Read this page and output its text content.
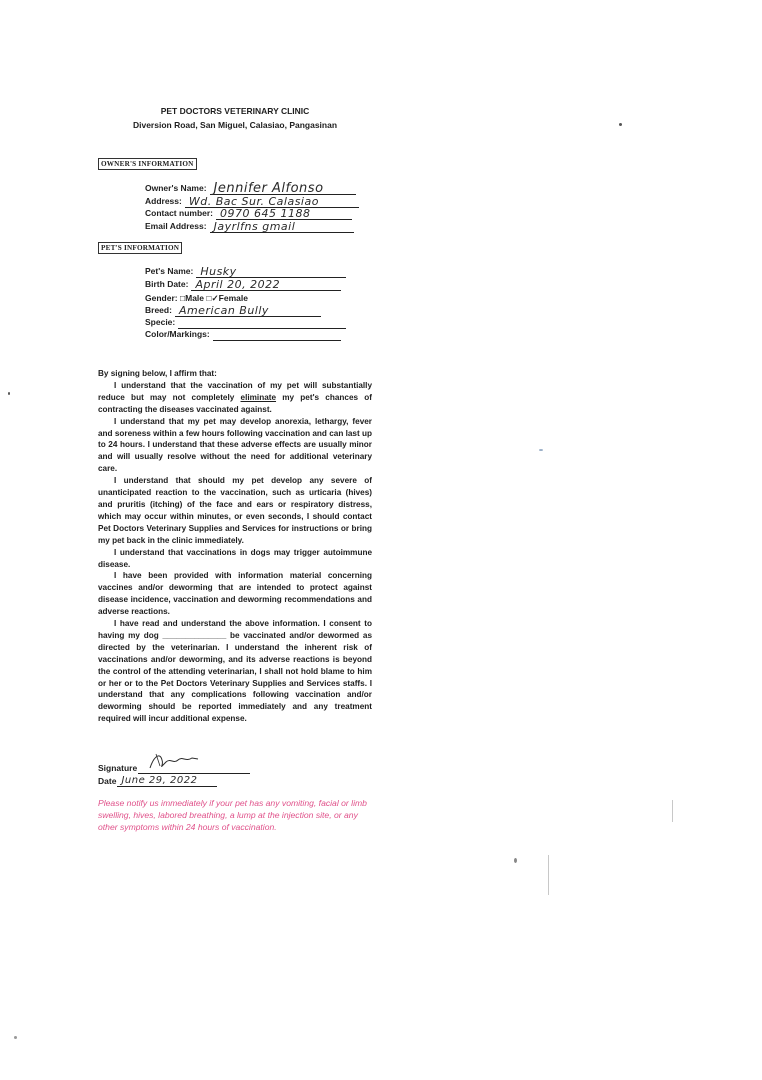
PET DOCTORS VETERINARY CLINIC
Diversion Road, San Miguel, Calasiao, Pangasinan
OWNER'S INFORMATION
Owner's Name: Jennifer Alfonso
Address: Wd. Bac Sur. Calasiao
Contact number: 0970 645 1188
Email Address: Jayrlfns gmail
PET'S INFORMATION
Pet's Name: Husky
Birth Date: April 20, 2022
Gender: □Male □✓Female
Breed: American Bully
Specie:
Color/Markings:

By signing below, I affirm that:

I understand that the vaccination of my pet will substantially reduce but may not completely eliminate my pet's chances of contracting the diseases vaccinated against.

I understand that my pet may develop anorexia, lethargy, fever and soreness within a few hours following vaccination and can last up to 24 hours. I understand that these adverse effects are usually minor and will usually resolve without the need for additional veterinary care.

I understand that should my pet develop any severe of unanticipated reaction to the vaccination, such as urticaria (hives) and pruritis (itching) of the face and ears or respiratory distress, which may occur within minutes, or even seconds, I should contact Pet Doctors Veterinary Supplies and Services for instructions or bring my pet back in the clinic immediately.

I understand that vaccinations in dogs may trigger autoimmune disease.

I have been provided with information material concerning vaccines and/or deworming that are intended to protect against disease incidence, vaccination and deworming recommendations and adverse reactions.

I have read and understand the above information. I consent to having my dog ______________ be vaccinated and/or dewormed as directed by the veterinarian. I understand the inherent risk of vaccinations and/or deworming, and its adverse reactions is beyond the control of the attending veterinarian, I shall not hold blame to him or her or to the Pet Doctors Veterinary Supplies and Services staffs. I understand that any complications following vaccination and/or deworming should be reported immediately and any treatment required will incur additional expense.

Signature
Date June 29, 2022
Please notify us immediately if your pet has any vomiting, facial or limb swelling, hives, labored breathing, a lump at the injection site, or any other symptoms within 24 hours of vaccination.
